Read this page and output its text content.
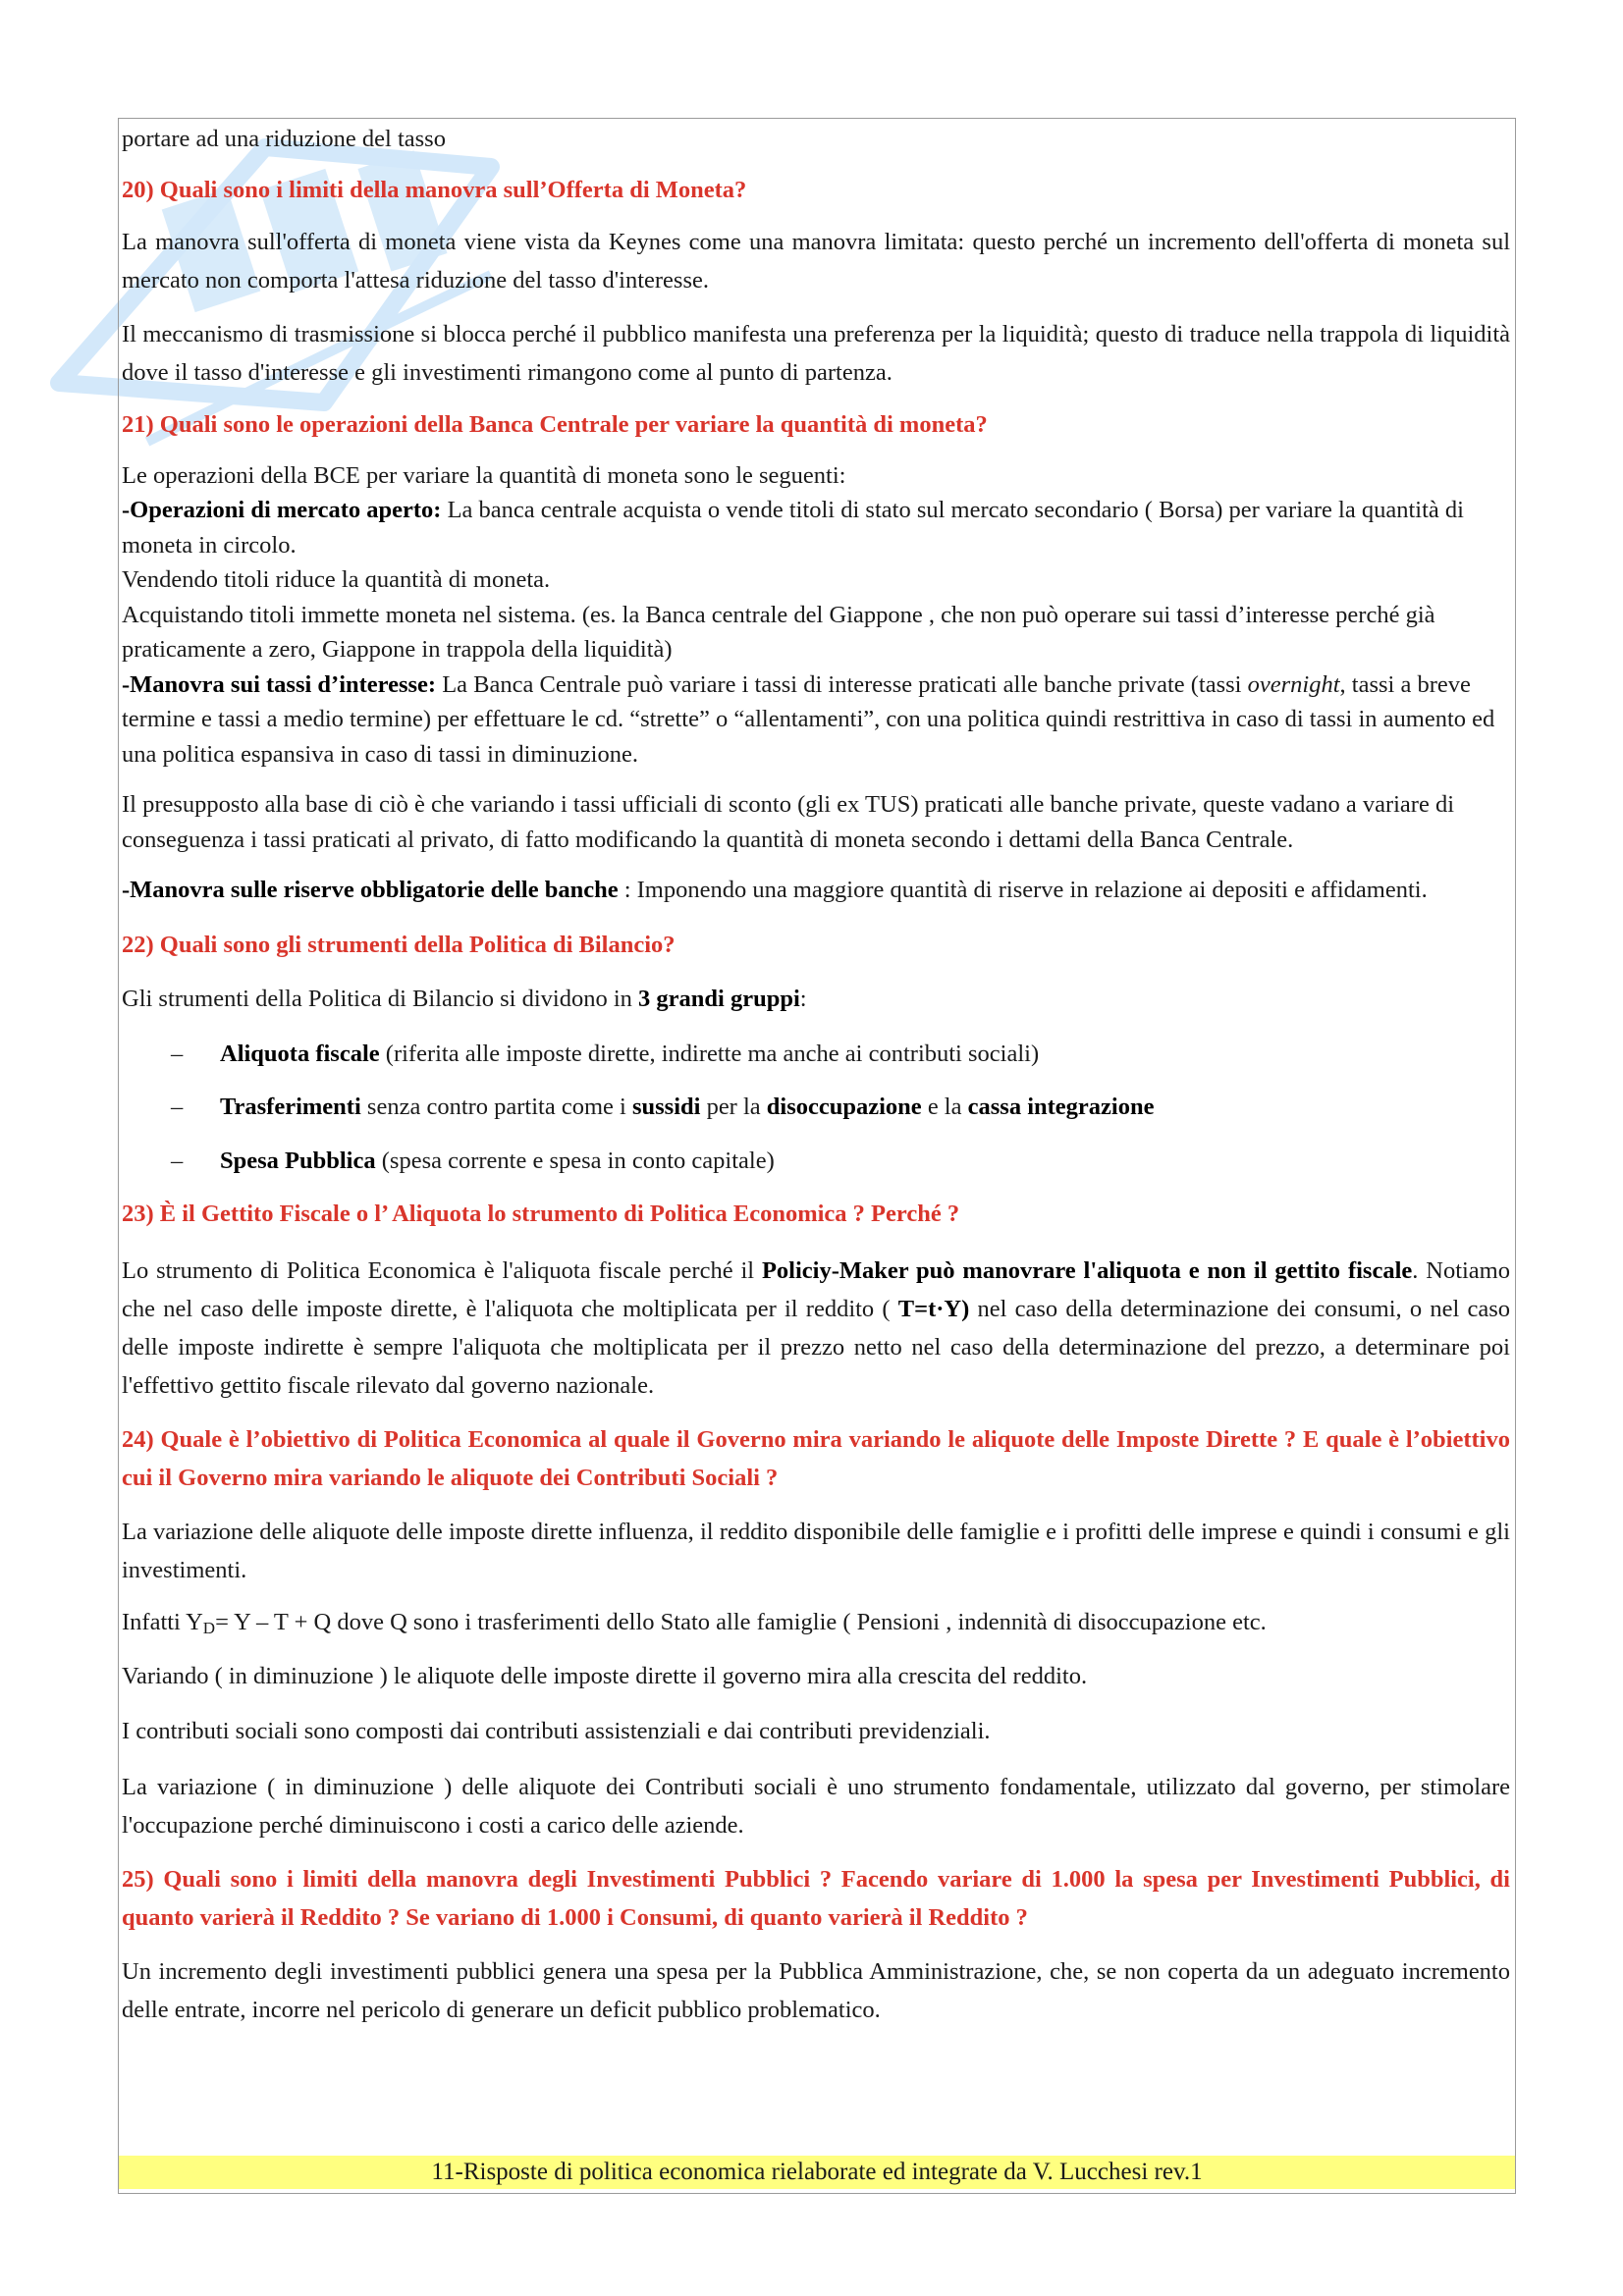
portare ad una riduzione del tasso

20) Quali sono i limiti della manovra sull’Offerta di Moneta?

La manovra sull'offerta di moneta viene vista da Keynes come una manovra limitata: questo perché un incremento dell'offerta di moneta sul mercato non comporta l'attesa riduzione del tasso d'interesse.

Il meccanismo di trasmissione si blocca perché il pubblico manifesta una preferenza per la liquidità; questo di traduce nella trappola di liquidità dove il tasso d'interesse e gli investimenti rimangono come al punto di partenza.

21) Quali sono le operazioni della Banca Centrale per variare la quantità di moneta?

Le operazioni della BCE per variare la quantità di moneta sono le seguenti:

-Operazioni di mercato aperto: La banca centrale acquista o vende titoli di stato sul mercato secondario ( Borsa) per variare la quantità di moneta in circolo.

Vendendo titoli riduce la quantità di moneta.

Acquistando titoli immette moneta nel sistema. (es. la Banca centrale del Giappone , che non può operare sui tassi d’interesse perché già praticamente a zero, Giappone in trappola della liquidità)

-Manovra sui tassi d’interesse: La Banca Centrale può variare i tassi di interesse praticati alle banche private (tassi overnight, tassi a breve termine e tassi a medio termine) per effettuare le cd. “strette” o “allentamenti”, con una politica quindi restrittiva in caso di tassi in aumento ed una politica espansiva in caso di tassi in diminuzione.

Il presupposto alla base di ciò è che variando i tassi ufficiali di sconto (gli ex TUS) praticati alle banche private, queste vadano a variare di conseguenza i tassi praticati al privato, di fatto modificando la quantità di moneta secondo i dettami della Banca Centrale.

-Manovra sulle riserve obbligatorie delle banche : Imponendo una maggiore quantità di riserve in relazione ai depositi e affidamenti.

22) Quali sono gli strumenti della Politica di Bilancio?

Gli strumenti della Politica di Bilancio si dividono in 3 grandi gruppi:

– Aliquota fiscale (riferita alle imposte dirette, indirette ma anche ai contributi sociali)
– Trasferimenti senza contro partita come i sussidi per la disoccupazione e la cassa integrazione
– Spesa Pubblica (spesa corrente e spesa in conto capitale)

23) È il Gettito Fiscale o l’ Aliquota lo strumento di Politica Economica ? Perché ?

Lo strumento di Politica Economica è l'aliquota fiscale perché il Policiy-Maker può manovrare l'aliquota e non il gettito fiscale. Notiamo che nel caso delle imposte dirette, è l'aliquota che moltiplicata per il reddito ( T=t·Y) nel caso della determinazione dei consumi, o nel caso delle imposte indirette è sempre l'aliquota che moltiplicata per il prezzo netto nel caso della determinazione del prezzo, a determinare poi l'effettivo gettito fiscale rilevato dal governo nazionale.

24) Quale è l’obiettivo di Politica Economica al quale il Governo mira variando le aliquote delle Imposte Dirette ? E quale è l’obiettivo cui il Governo mira variando le aliquote dei Contributi Sociali ?

La variazione delle aliquote delle imposte dirette influenza, il reddito disponibile delle famiglie e i profitti delle imprese e quindi i consumi e gli investimenti.

Infatti $Y_D= Y - T + Q$ dove Q sono i trasferimenti dello Stato alle famiglie ( Pensioni , indennità di disoccupazione etc.

Variando ( in diminuzione ) le aliquote delle imposte dirette il governo mira alla crescita del reddito.

I contributi sociali sono composti dai contributi assistenziali e dai contributi previdenziali.

La variazione ( in diminuzione ) delle aliquote dei Contributi sociali è uno strumento fondamentale, utilizzato dal governo, per stimolare l'occupazione perché diminuiscono i costi a carico delle aziende.

25) Quali sono i limiti della manovra degli Investimenti Pubblici ? Facendo variare di 1.000 la spesa per Investimenti Pubblici, di quanto varierà il Reddito ? Se variano di 1.000 i Consumi, di quanto varierà il Reddito ?

Un incremento degli investimenti pubblici genera una spesa per la Pubblica Amministrazione, che, se non coperta da un adeguato incremento delle entrate, incorre nel pericolo di generare un deficit pubblico problematico.

11-Risposte di politica economica rielaborate ed integrate da V. Lucchesi rev.1
